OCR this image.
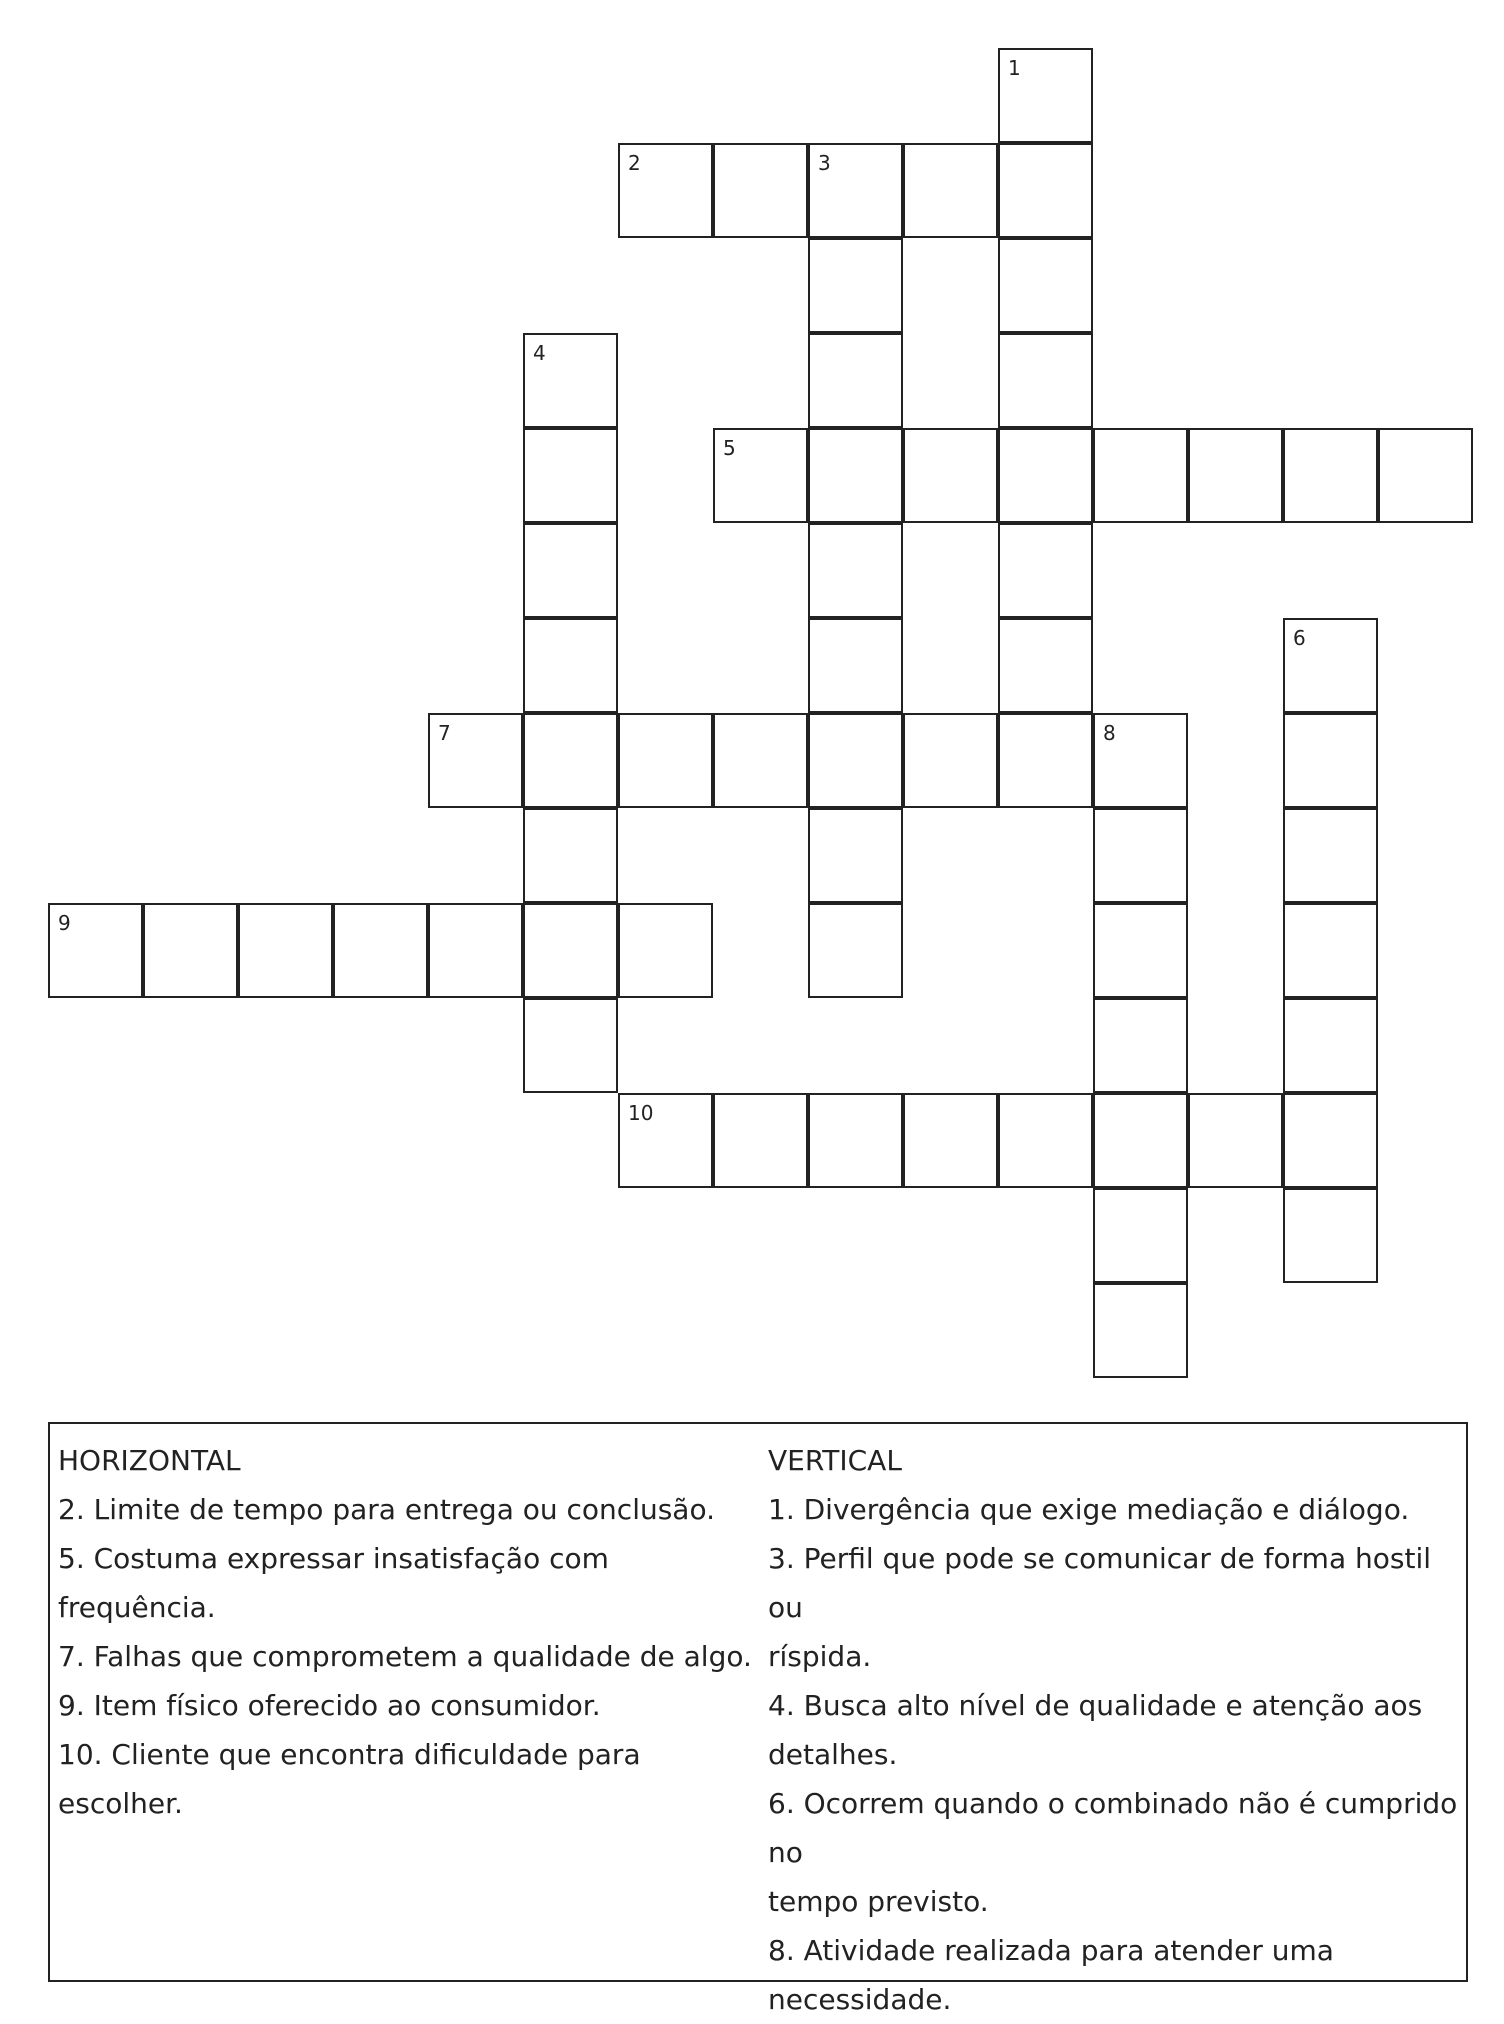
1
2	3
4
5
6
7	8
9
10
HORIZONTAL
2. Limite de tempo para entrega ou conclusão.
5. Costuma expressar insatisfação com frequência.
7. Falhas que comprometem a qualidade de algo.
9. Item físico oferecido ao consumidor.
10. Cliente que encontra dificuldade para escolher.
VERTICAL
1. Divergência que exige mediação e diálogo.
3. Perfil que pode se comunicar de forma hostil ou
ríspida.
4. Busca alto nível de qualidade e atenção aos
detalhes.
6. Ocorrem quando o combinado não é cumprido no
tempo previsto.
8. Atividade realizada para atender uma
necessidade.
